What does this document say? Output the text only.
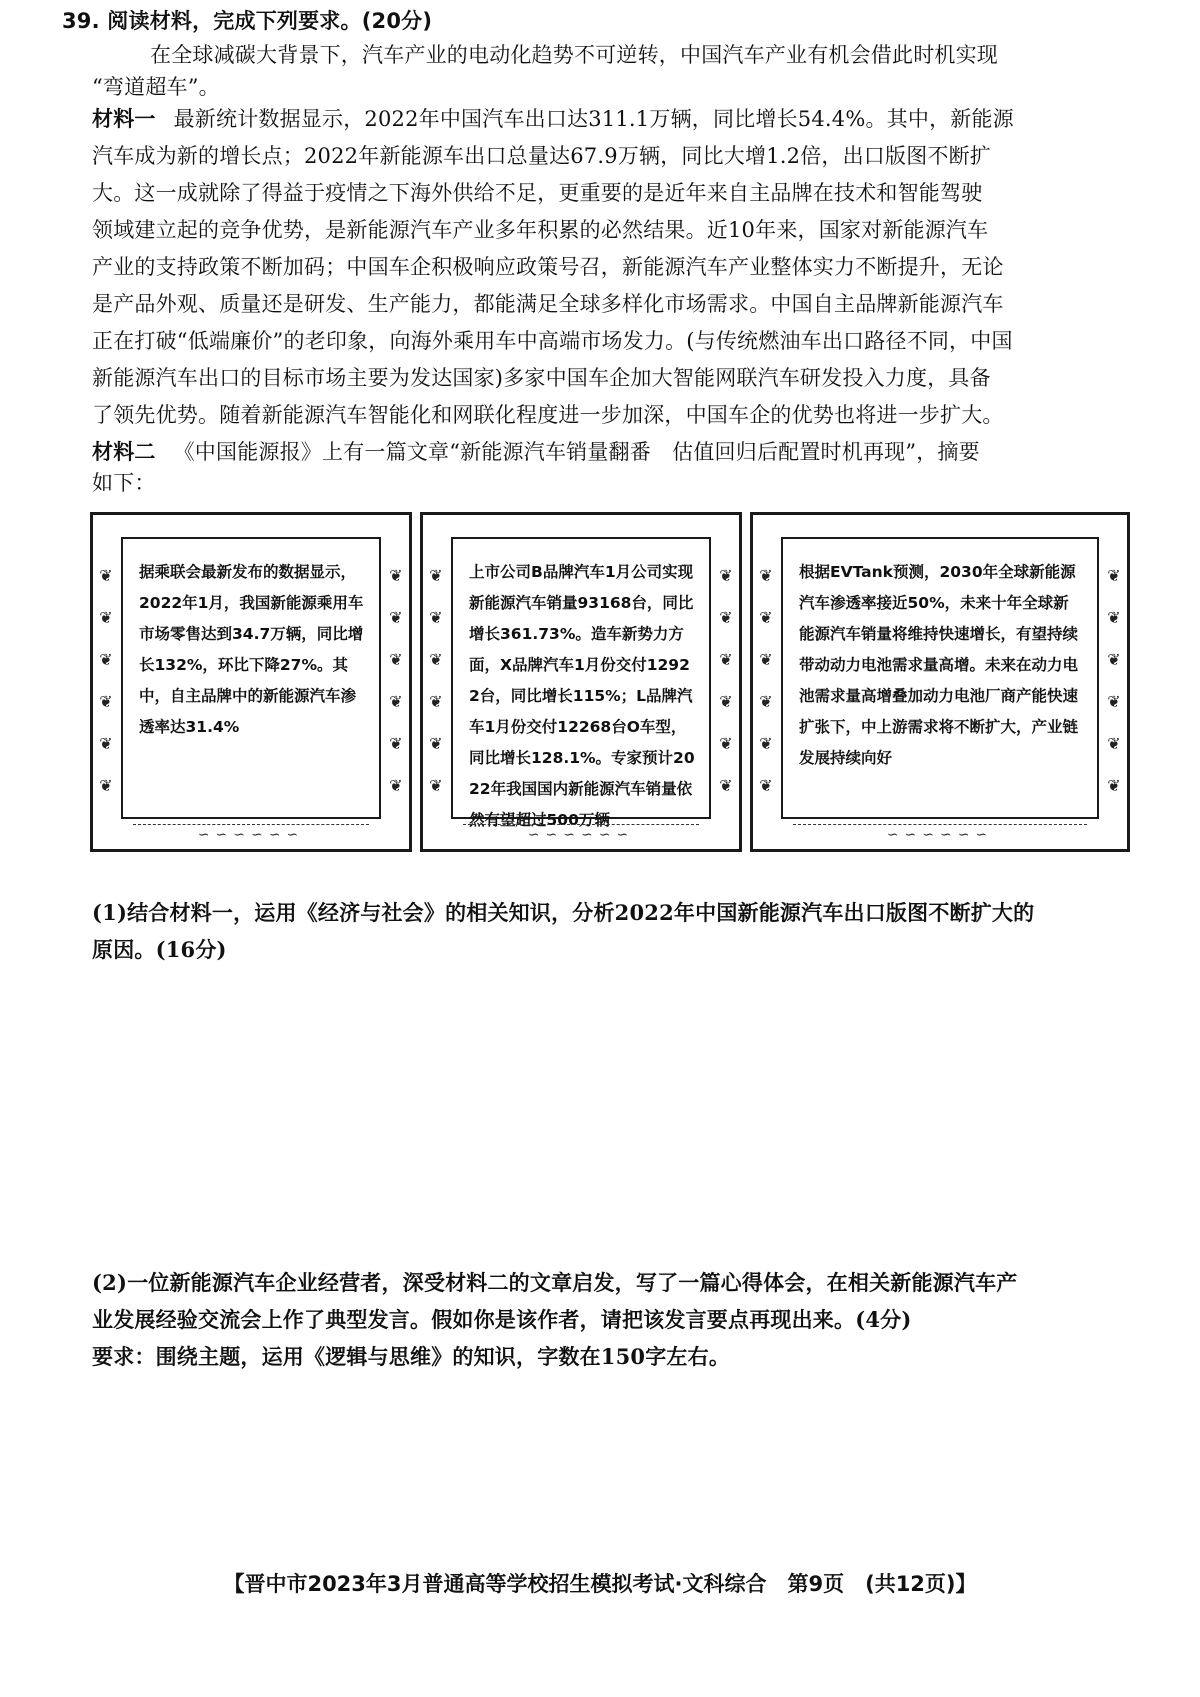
39. 阅读材料，完成下列要求。(20分)
在全球减碳大背景下，汽车产业的电动化趋势不可逆转，中国汽车产业有机会借此时机实现
“弯道超车”。
材料一 最新统计数据显示，2022年中国汽车出口达311.1万辆，同比增长54.4%。其中，新能源
汽车成为新的增长点；2022年新能源车出口总量达67.9万辆，同比大增1.2倍，出口版图不断扩
大。这一成就除了得益于疫情之下海外供给不足，更重要的是近年来自主品牌在技术和智能驾驶
领域建立起的竞争优势，是新能源汽车产业多年积累的必然结果。近10年来，国家对新能源汽车
产业的支持政策不断加码；中国车企积极响应政策号召，新能源汽车产业整体实力不断提升，无论
是产品外观、质量还是研发、生产能力，都能满足全球多样化市场需求。中国自主品牌新能源汽车
正在打破“低端廉价”的老印象，向海外乘用车中高端市场发力。(与传统燃油车出口路径不同，中国
新能源汽车出口的目标市场主要为发达国家)多家中国车企加大智能网联汽车研发投入力度，具备
了领先优势。随着新能源汽车智能化和网联化程度进一步加深，中国车企的优势也将进一步扩大。
材料二 《中国能源报》上有一篇文章“新能源汽车销量翻番　估值回归后配置时机再现”，摘要
如下：
❦
❦
❦
❦
❦
❦
❦
❦
❦
❦
❦
❦
据乘联会最新发布的数据显示，2022年1月，我国新能源乘用车市场零售达到34.7万辆，同比增长132%，环比下降27%。其中，自主品牌中的新能源汽车渗透率达31.4%
∽∽∽∽∽∽
❦
❦
❦
❦
❦
❦
❦
❦
❦
❦
❦
❦
上市公司B品牌汽车1月公司实现新能源汽车销量93168台，同比增长361.73%。造车新势力方面，X品牌汽车1月份交付12922台，同比增长115%；L品牌汽车1月份交付12268台O车型，同比增长128.1%。专家预计2022年我国国内新能源汽车销量依然有望超过500万辆
∽∽∽∽∽∽
❦
❦
❦
❦
❦
❦
❦
❦
❦
❦
❦
❦
根据EVTank预测，2030年全球新能源汽车渗透率接近50%，未来十年全球新能源汽车销量将维持快速增长，有望持续带动动力电池需求量高增。未来在动力电池需求量高增叠加动力电池厂商产能快速扩张下，中上游需求将不断扩大，产业链发展持续向好
∽∽∽∽∽∽
(1)结合材料一，运用《经济与社会》的相关知识，分析2022年中国新能源汽车出口版图不断扩大的
原因。(16分)
(2)一位新能源汽车企业经营者，深受材料二的文章启发，写了一篇心得体会，在相关新能源汽车产
业发展经验交流会上作了典型发言。假如你是该作者，请把该发言要点再现出来。(4分)
要求：围绕主题，运用《逻辑与思维》的知识，字数在150字左右。
【晋中市2023年3月普通高等学校招生模拟考试·文科综合　第9页　(共12页)】
